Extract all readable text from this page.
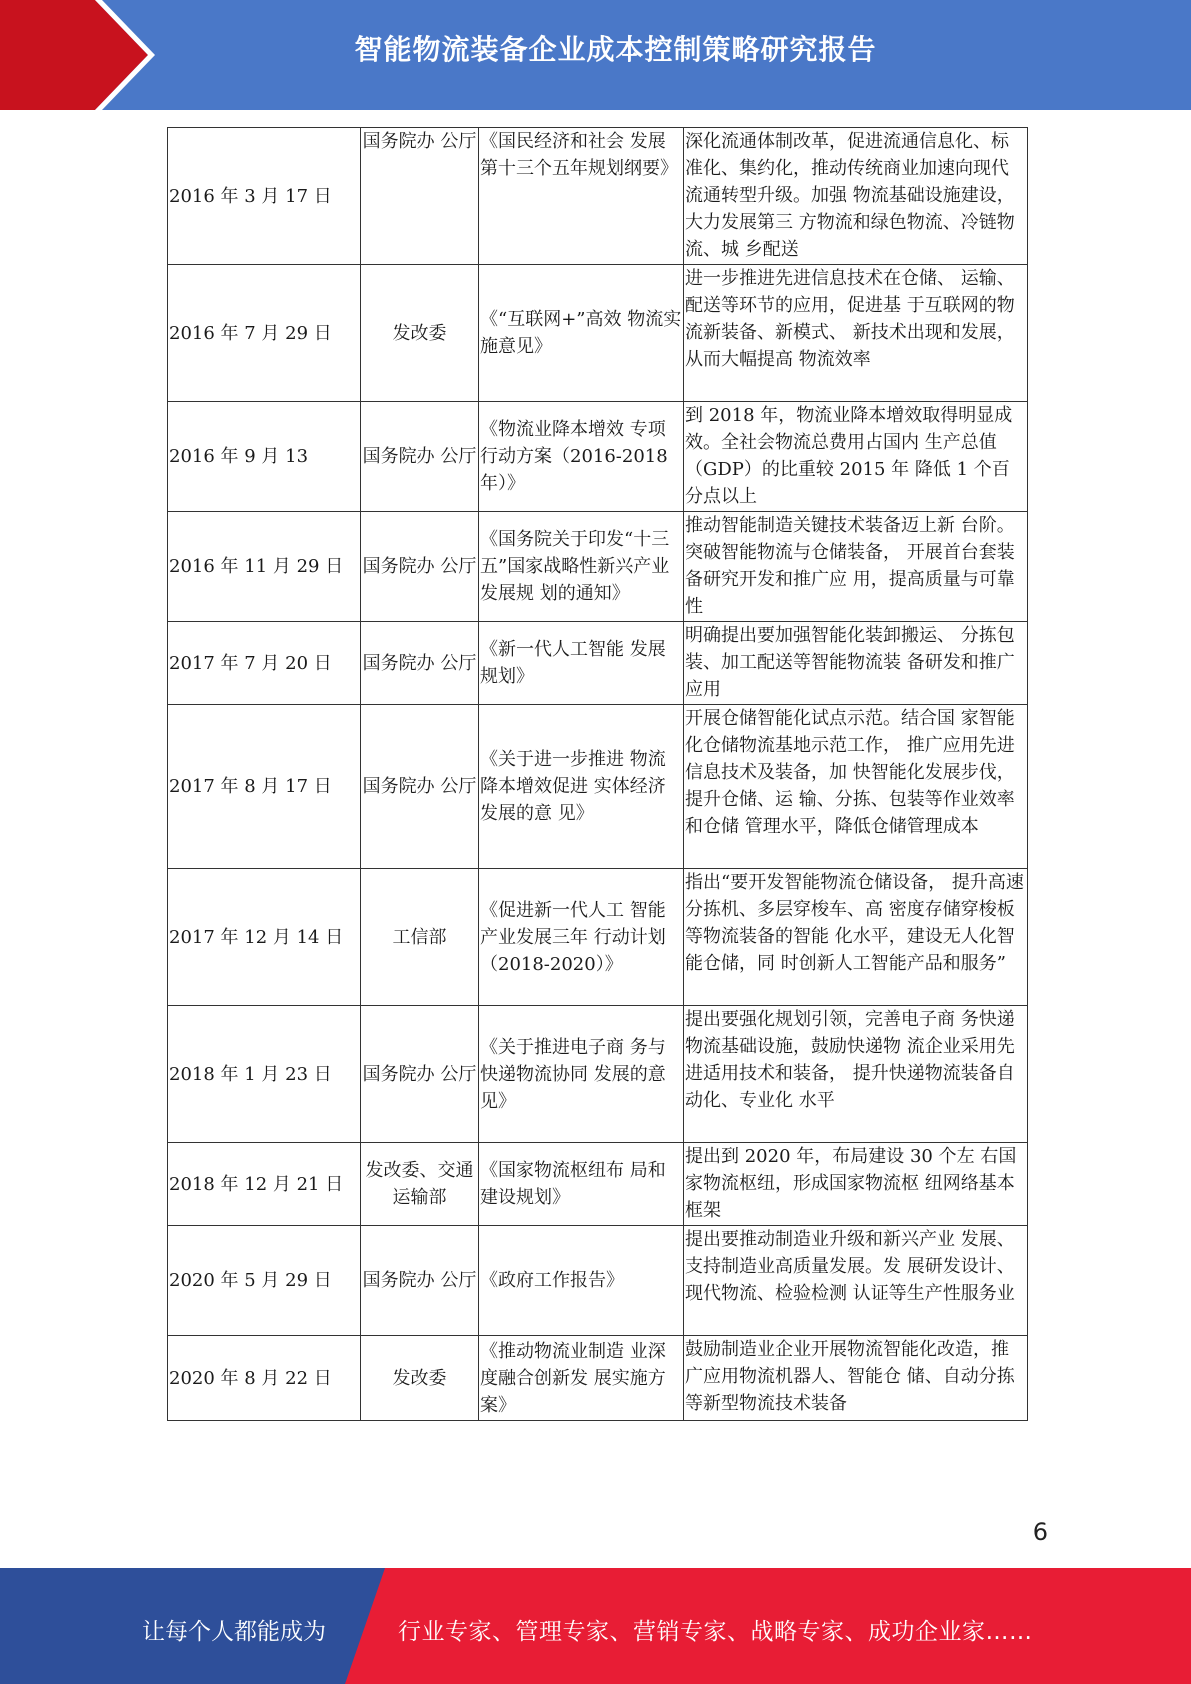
智能物流装备企业成本控制策略研究报告
2016 年 3 月 17 日	国务院办 公厅	《国民经济和社会 发展第十三个五年规划纲要》	深化流通体制改革，促进流通信息化、标准化、集约化，推动传统商业加速向现代流通转型升级。加强 物流基础设施建设，大力发展第三 方物流和绿色物流、冷链物流、城 乡配送
2016 年 7 月 29 日	发改委	《“互联网+”高效 物流实施意见》	进一步推进先进信息技术在仓储、 运输、配送等环节的应用，促进基 于互联网的物流新装备、新模式、 新技术出现和发展，从而大幅提高 物流效率
2016 年 9 月 13	国务院办 公厅	《物流业降本增效 专项行动方案（2016-2018 年）》	到 2018 年，物流业降本增效取得明显成效。全社会物流总费用占国内 生产总值（GDP）的比重较 2015 年 降低 1 个百分点以上
2016 年 11 月 29 日	国务院办 公厅	《国务院关于印发“十三五”国家战略性新兴产业发展规 划的通知》	推动智能制造关键技术装备迈上新 台阶。突破智能物流与仓储装备， 开展首台套装备研究开发和推广应 用，提高质量与可靠性
2017 年 7 月 20 日	国务院办 公厅	《新一代人工智能 发展规划》	明确提出要加强智能化装卸搬运、 分拣包装、加工配送等智能物流装 备研发和推广应用
2017 年 8 月 17 日	国务院办 公厅	《关于进一步推进 物流降本增效促进 实体经济发展的意 见》	开展仓储智能化试点示范。结合国 家智能化仓储物流基地示范工作， 推广应用先进信息技术及装备，加 快智能化发展步伐，提升仓储、运 输、分拣、包装等作业效率和仓储 管理水平，降低仓储管理成本
2017 年 12 月 14 日	工信部	《促进新一代人工 智能产业发展三年 行动计划（2018-2020）》	指出“要开发智能物流仓储设备， 提升高速分拣机、多层穿梭车、高 密度存储穿梭板等物流装备的智能 化水平，建设无人化智能仓储，同 时创新人工智能产品和服务”
2018 年 1 月 23 日	国务院办 公厅	《关于推进电子商 务与快递物流协同 发展的意见》	提出要强化规划引领，完善电子商 务快递物流基础设施，鼓励快递物 流企业采用先进适用技术和装备， 提升快递物流装备自动化、专业化 水平
2018 年 12 月 21 日	发改委、交通运输部	《国家物流枢纽布 局和建设规划》	提出到 2020 年，布局建设 30 个左 右国家物流枢纽，形成国家物流枢 纽网络基本框架
2020 年 5 月 29 日	国务院办 公厅	《政府工作报告》	提出要推动制造业升级和新兴产业 发展、支持制造业高质量发展。发 展研发设计、现代物流、检验检测 认证等生产性服务业
2020 年 8 月 22 日	发改委	《推动物流业制造 业深度融合创新发 展实施方案》	鼓励制造业企业开展物流智能化改造，推广应用物流机器人、智能仓 储、自动分拣等新型物流技术装备
6
让每个人都能成为	行业专家、管理专家、营销专家、战略专家、成功企业家……
